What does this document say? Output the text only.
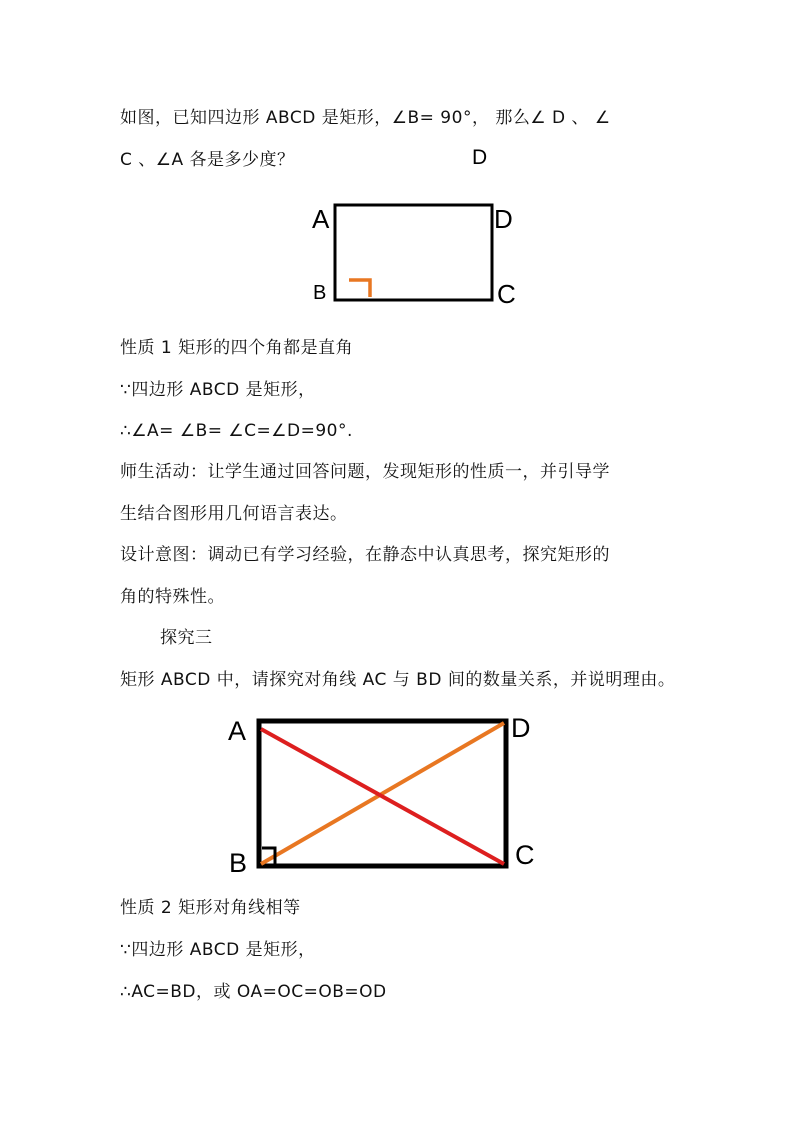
如图，已知四边形 ABCD 是矩形，∠B= 90°， 那么∠ D 、 ∠
C 、∠A 各是多少度？	D
A
B	C
D
性质 1 矩形的四个角都是直角
∵四边形 ABCD 是矩形，
∴∠A= ∠B= ∠C=∠D=90°.
师生活动：让学生通过回答问题，发现矩形的性质一，并引导学
生结合图形用几何语言表达。
设计意图：调动已有学习经验，在静态中认真思考，探究矩形的
角的特殊性。
探究三
矩形 ABCD 中，请探究对角线 AC 与 BD 间的数量关系，并说明理由。
A
B	C
D
性质 2 矩形对角线相等
∵四边形 ABCD 是矩形，
∴AC=BD，或 OA=OC=OB=OD
